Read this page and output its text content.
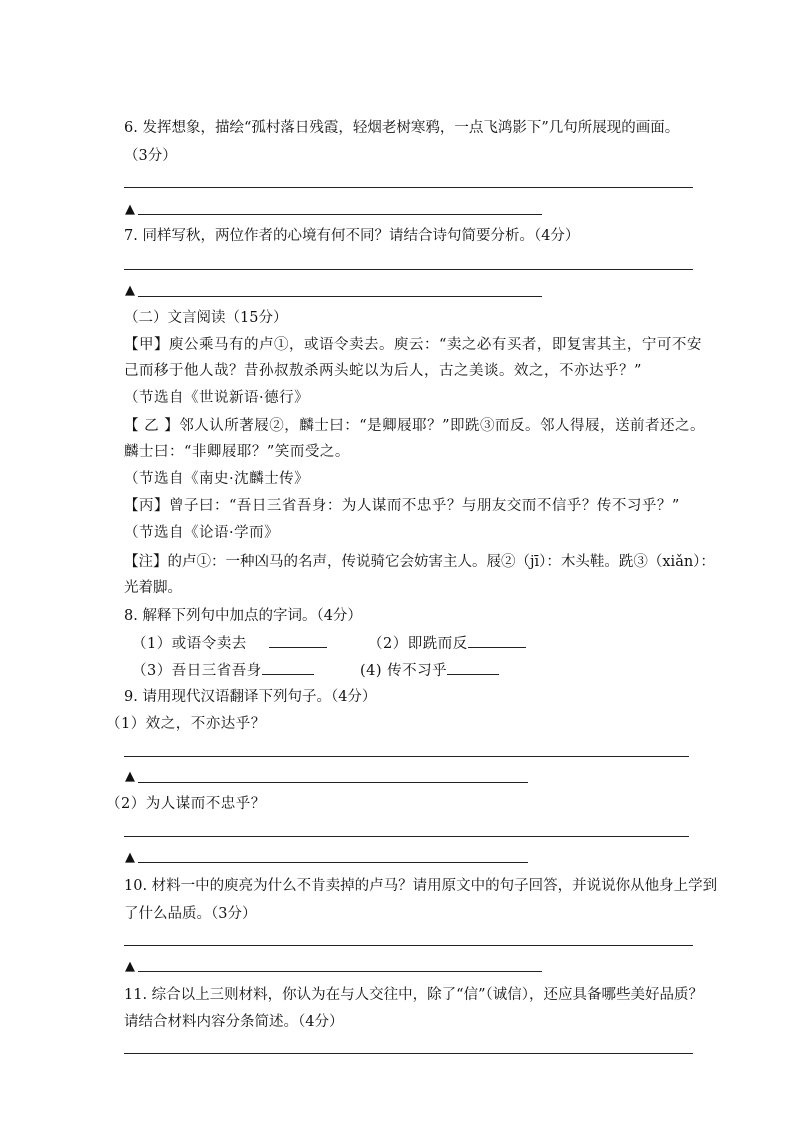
6. 发挥想象，描绘“孤村落日残霞，轻烟老树寒鸦，一点飞鸿影下”几句所展现的画面。
（3分）
▲
7. 同样写秋，两位作者的心境有何不同？请结合诗句简要分析。（4分）
▲
（二）文言阅读（15分）
【甲】庾公乘马有的卢①，或语令卖去。庾云：“卖之必有买者，即复害其主，宁可不安
己而移于他人哉？昔孙叔敖杀两头蛇以为后人，古之美谈。效之，不亦达乎？”
（节选自《世说新语·德行》
【 乙 】邻人认所著屐②，麟士曰：“是卿屐耶？”即跣③而反。邻人得屐，送前者还之。
麟士曰：“非卿屐耶？”笑而受之。
（节选自《南史·沈麟士传》
【丙】曾子曰：“吾日三省吾身：为人谋而不忠乎？与朋友交而不信乎？传不习乎？”
（节选自《论语·学而》
【注】的卢①：一种凶马的名声，传说骑它会妨害主人。屐②（jī）：木头鞋。跣③（xiǎn）：
光着脚。
8. 解释下列句中加点的字词。（4分）
（1）或语令卖去	（2）即跣而反
（3）吾日三省吾身	(4) 传不习乎
9. 请用现代汉语翻译下列句子。（4分）
（1）效之，不亦达乎？
▲
（2）为人谋而不忠乎？
▲
10. 材料一中的庾亮为什么不肯卖掉的卢马？请用原文中的句子回答，并说说你从他身上学到
了什么品质。（3分）
▲
11. 综合以上三则材料，你认为在与人交往中，除了“信”（诚信），还应具备哪些美好品质？
请结合材料内容分条简述。（4分）
